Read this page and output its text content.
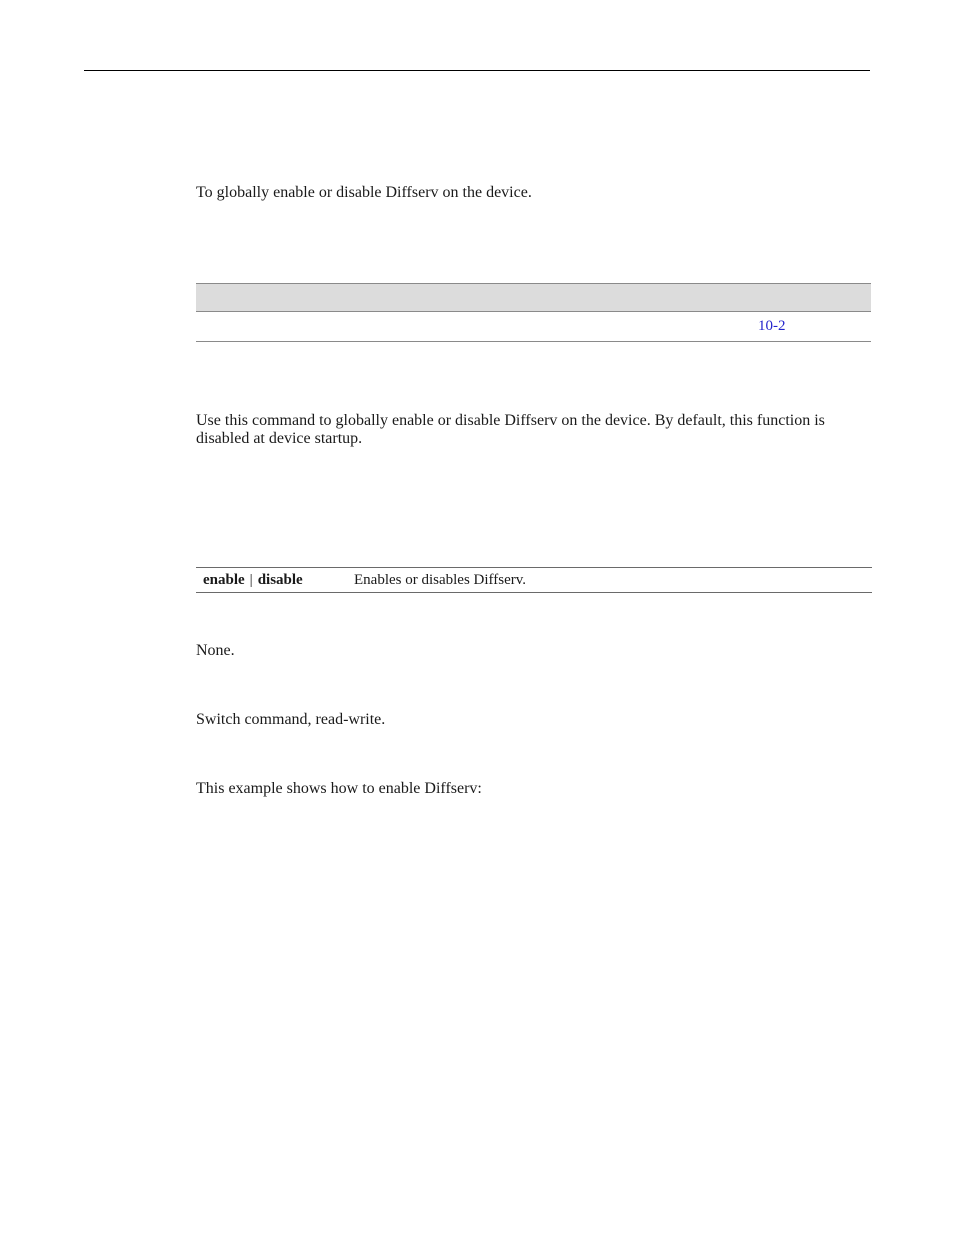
To globally enable or disable Diffserv on the device.

	10-2

Use this command to globally enable or disable Diffserv on the device. By default, this function is disabled at device startup.

enable | disable	Enables or disables Diffserv.

None.

Switch command, read-write.

This example shows how to enable Diffserv:
